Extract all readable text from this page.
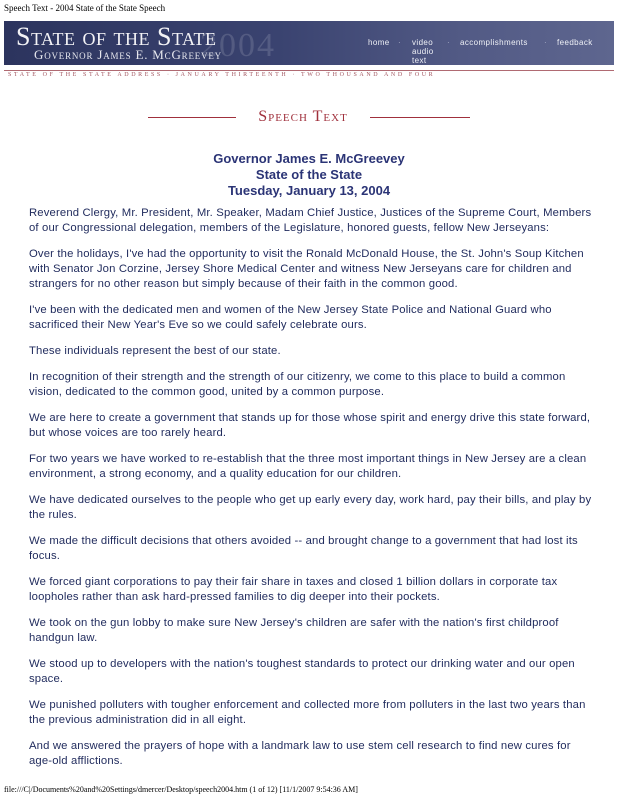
Speech Text - 2004 State of the State Speech
2004
State of the State
Governor James E. McGreevey
home · video
audio
text
· accomplishments · feedback
STATE OF THE STATE ADDRESS · JANUARY THIRTEENTH · TWO THOUSAND AND FOUR
Speech Text
Governor James E. McGreevey
State of the State
Tuesday, January 13, 2004

Reverend Clergy, Mr. President, Mr. Speaker, Madam Chief Justice, Justices of the Supreme Court, Members of our Congressional delegation, members of the Legislature, honored guests, fellow New Jerseyans:

Over the holidays, I've had the opportunity to visit the Ronald McDonald House, the St. John's Soup Kitchen with Senator Jon Corzine, Jersey Shore Medical Center and witness New Jerseyans care for children and strangers for no other reason but simply because of their faith in the common good.

I've been with the dedicated men and women of the New Jersey State Police and National Guard who sacrificed their New Year's Eve so we could safely celebrate ours.

These individuals represent the best of our state.

In recognition of their strength and the strength of our citizenry, we come to this place to build a common vision, dedicated to the common good, united by a common purpose.

We are here to create a government that stands up for those whose spirit and energy drive this state forward, but whose voices are too rarely heard.

For two years we have worked to re-establish that the three most important things in New Jersey are a clean environment, a strong economy, and a quality education for our children.

We have dedicated ourselves to the people who get up early every day, work hard, pay their bills, and play by the rules.

We made the difficult decisions that others avoided -- and brought change to a government that had lost its focus.

We forced giant corporations to pay their fair share in taxes and closed 1 billion dollars in corporate tax loopholes rather than ask hard-pressed families to dig deeper into their pockets.

We took on the gun lobby to make sure New Jersey's children are safer with the nation's first childproof handgun law.

We stood up to developers with the nation's toughest standards to protect our drinking water and our open space.

We punished polluters with tougher enforcement and collected more from polluters in the last two years than the previous administration did in all eight.

And we answered the prayers of hope with a landmark law to use stem cell research to find new cures for age-old afflictions.

file:///C|/Documents%20and%20Settings/dmercer/Desktop/speech2004.htm (1 of 12) [11/1/2007 9:54:36 AM]
